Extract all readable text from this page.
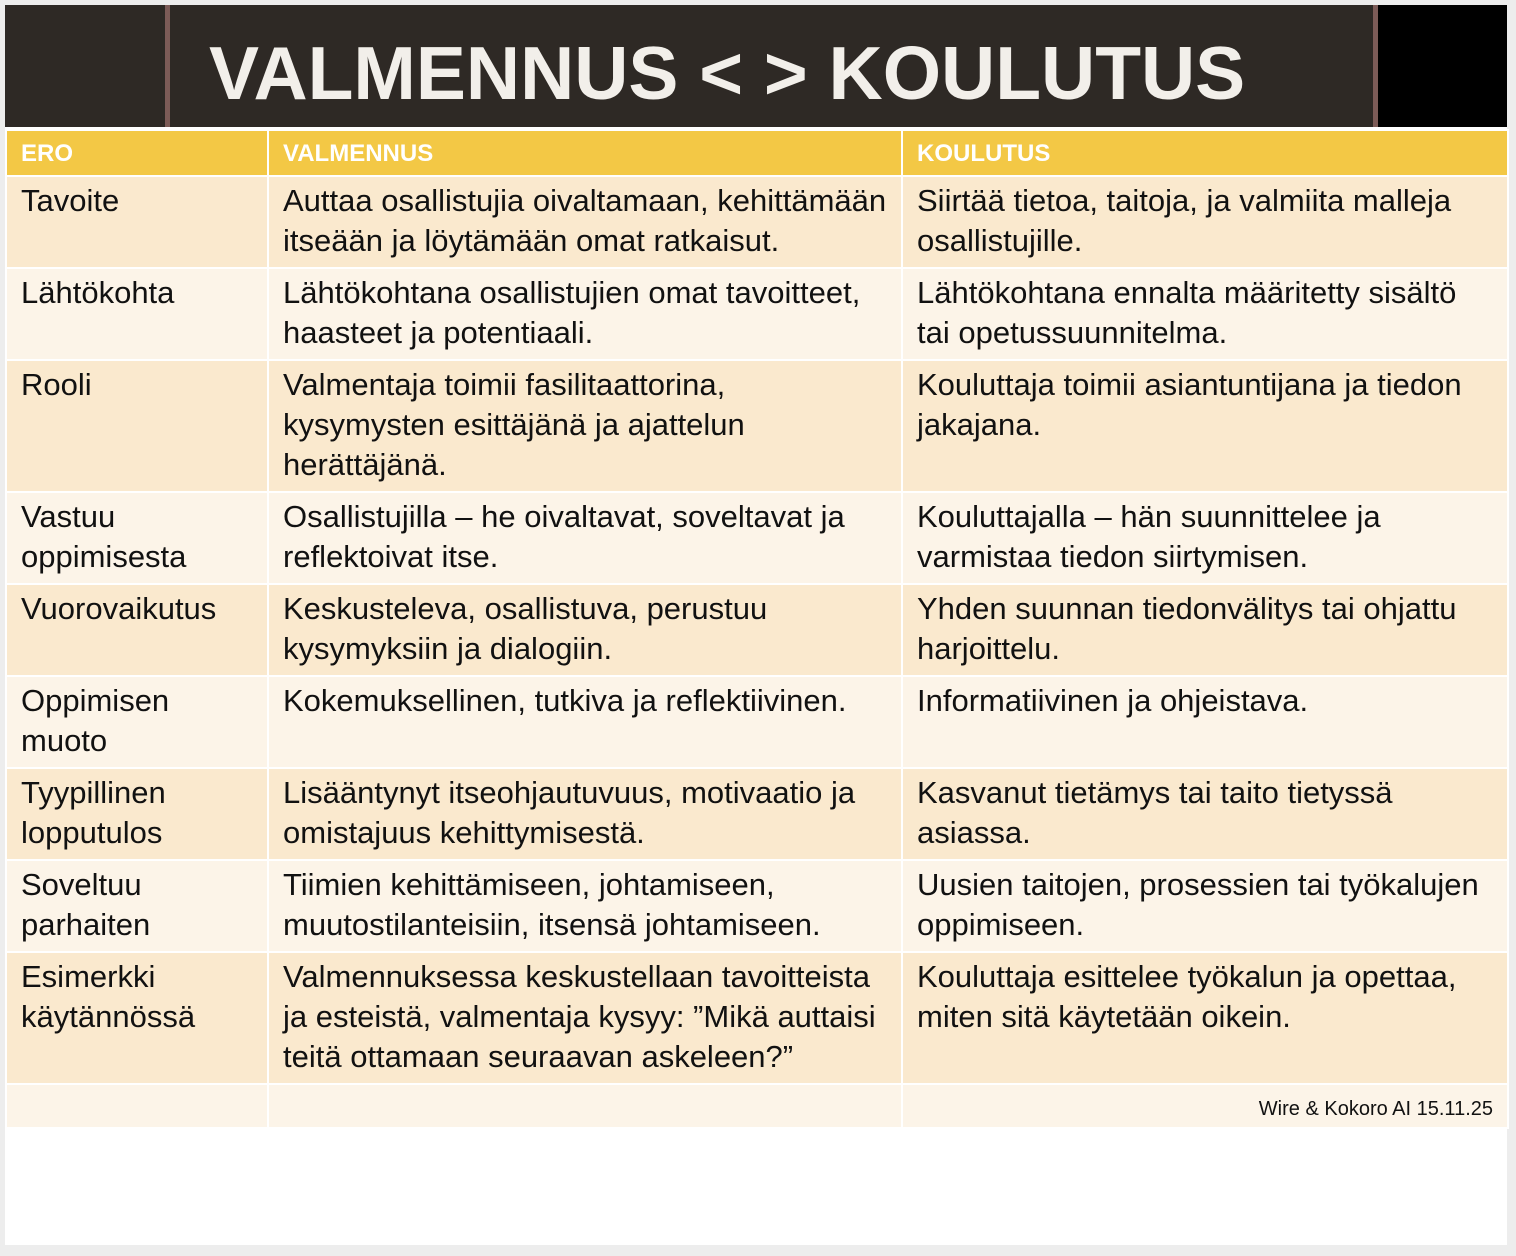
VALMENNUS < > KOULUTUS
ERO	VALMENNUS	KOULUTUS
Tavoite	Auttaa osallistujia oivaltamaan, kehittämään itseään ja löytämään omat ratkaisut.	Siirtää tietoa, taitoja, ja valmiita malleja osallistujille.
Lähtökohta	Lähtökohtana osallistujien omat tavoitteet, haasteet ja potentiaali.	Lähtökohtana ennalta määritetty sisältö tai opetussuunnitelma.
Rooli	Valmentaja toimii fasilitaattorina, kysymysten esittäjänä ja ajattelun herättäjänä.	Kouluttaja toimii asiantuntijana ja tiedon jakajana.
Vastuu oppimisesta	Osallistujilla – he oivaltavat, soveltavat ja reflektoivat itse.	Kouluttajalla – hän suunnittelee ja varmistaa tiedon siirtymisen.
Vuorovaikutus	Keskusteleva, osallistuva, perustuu kysymyksiin ja dialogiin.	Yhden suunnan tiedonvälitys tai ohjattu harjoittelu.
Oppimisen muoto	Kokemuksellinen, tutkiva ja reflektiivinen.	Informatiivinen ja ohjeistava.
Tyypillinen lopputulos	Lisääntynyt itseohjautuvuus, motivaatio ja omistajuus kehittymisestä.	Kasvanut tietämys tai taito tietyssä asiassa.
Soveltuu parhaiten	Tiimien kehittämiseen, johtamiseen, muutostilanteisiin, itsensä johtamiseen.	Uusien taitojen, prosessien tai työkalujen oppimiseen.
Esimerkki käytännössä	Valmennuksessa keskustellaan tavoitteista ja esteistä, valmentaja kysyy: ”Mikä auttaisi teitä ottamaan seuraavan askeleen?”	Kouluttaja esittelee työkalun ja opettaa, miten sitä käytetään oikein.

		Wire & Kokoro AI 15.11.25
